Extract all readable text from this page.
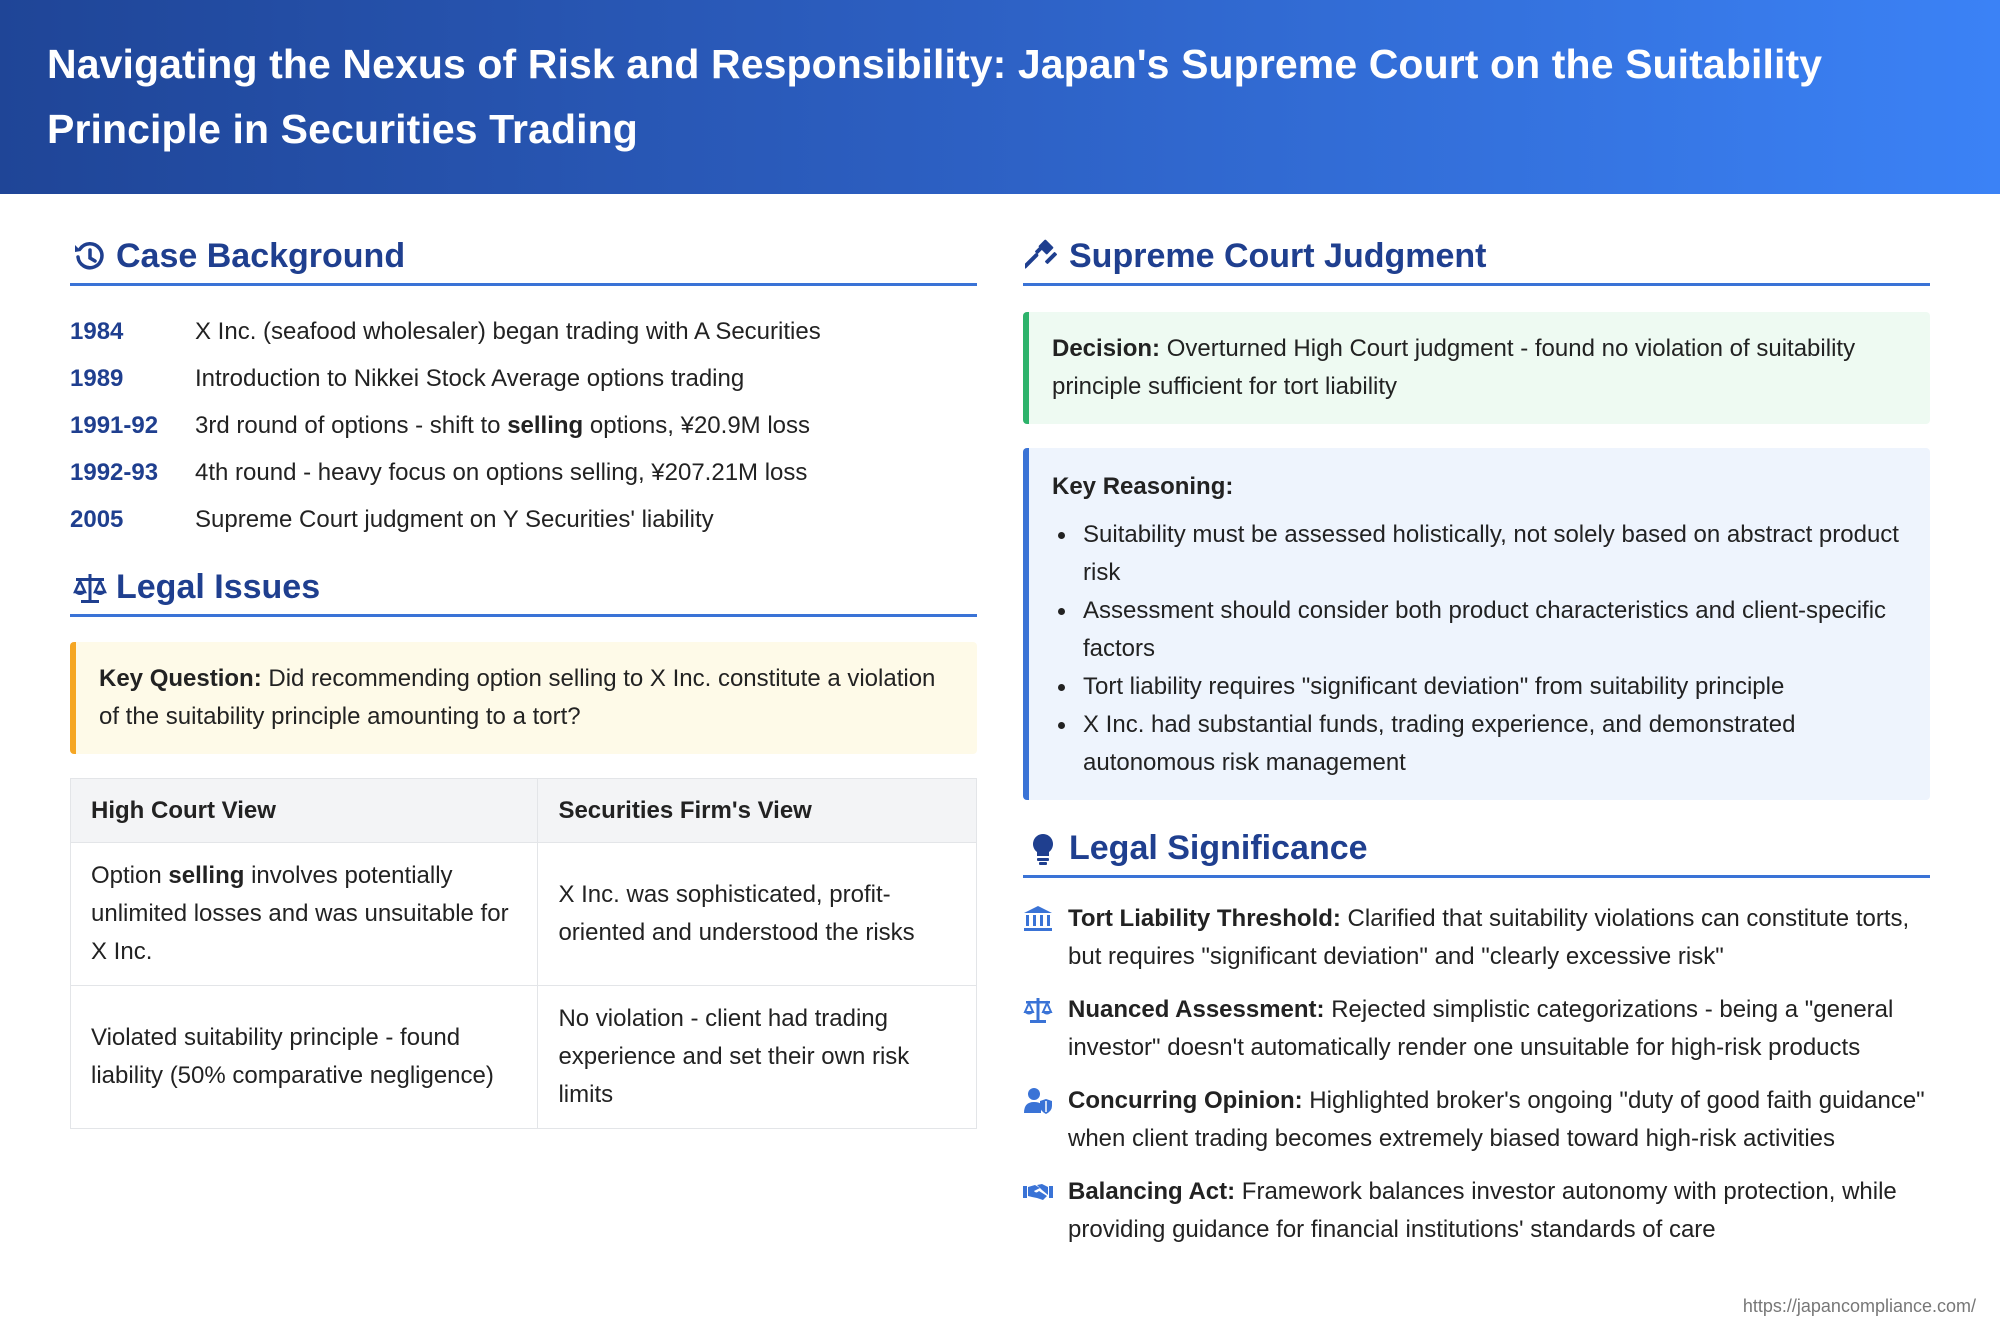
Navigating the Nexus of Risk and Responsibility: Japan's Supreme Court on the Suitability Principle in Securities Trading
Case Background
1984	X Inc. (seafood wholesaler) began trading with A Securities
1989	Introduction to Nikkei Stock Average options trading
1991-92	3rd round of options - shift to selling options, ¥20.9M loss
1992-93	4th round - heavy focus on options selling, ¥207.21M loss
2005	Supreme Court judgment on Y Securities' liability
Legal Issues
Key Question: Did recommending option selling to X Inc. constitute a violation of the suitability principle amounting to a tort?
High Court View	Securities Firm's View
Option selling involves potentially unlimited losses and was unsuitable for X Inc.	X Inc. was sophisticated, profit-oriented and understood the risks
Violated suitability principle - found liability (50% comparative negligence)	No violation - client had trading experience and set their own risk limits
Supreme Court Judgment
Decision: Overturned High Court judgment - found no violation of suitability principle sufficient for tort liability
Key Reasoning:
Suitability must be assessed holistically, not solely based on abstract product risk
Assessment should consider both product characteristics and client-specific factors
Tort liability requires "significant deviation" from suitability principle
X Inc. had substantial funds, trading experience, and demonstrated autonomous risk management
Legal Significance
Tort Liability Threshold: Clarified that suitability violations can constitute torts, but requires "significant deviation" and "clearly excessive risk"
Nuanced Assessment: Rejected simplistic categorizations - being a "general investor" doesn't automatically render one unsuitable for high-risk products
Concurring Opinion: Highlighted broker's ongoing "duty of good faith guidance" when client trading becomes extremely biased toward high-risk activities
Balancing Act: Framework balances investor autonomy with protection, while providing guidance for financial institutions' standards of care
https://japancompliance.com/
